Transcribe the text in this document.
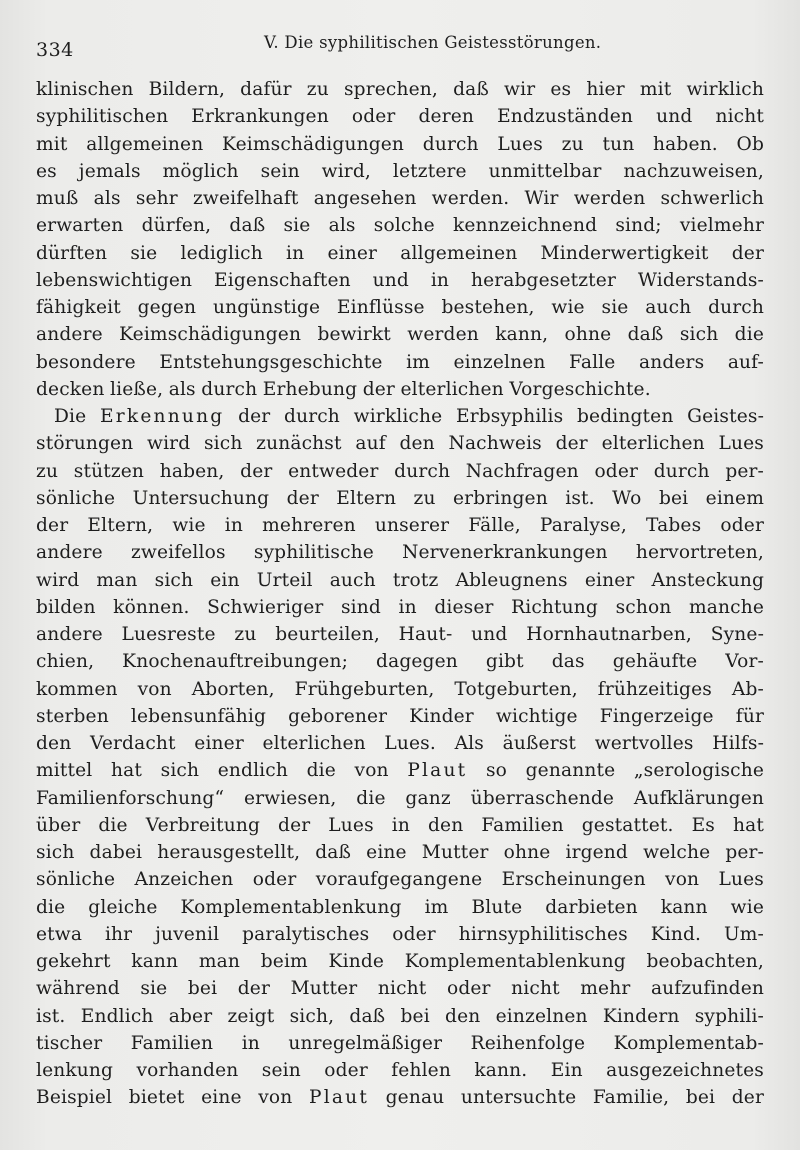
334	V. Die syphilitischen Geistesstörungen.
klinischen Bildern, dafür zu sprechen, daß wir es hier mit wirklich
syphilitischen Erkrankungen oder deren Endzuständen und nicht
mit allgemeinen Keimschädigungen durch Lues zu tun haben. Ob
es jemals möglich sein wird, letztere unmittelbar nachzuweisen,
muß als sehr zweifelhaft angesehen werden. Wir werden schwerlich
erwarten dürfen, daß sie als solche kennzeichnend sind; vielmehr
dürften sie lediglich in einer allgemeinen Minderwertigkeit der
lebenswichtigen Eigenschaften und in herabgesetzter Widerstands-
fähigkeit gegen ungünstige Einflüsse bestehen, wie sie auch durch
andere Keimschädigungen bewirkt werden kann, ohne daß sich die
besondere Entstehungsgeschichte im einzelnen Falle anders auf-
decken ließe, als durch Erhebung der elterlichen Vorgeschichte.
Die Erkennung der durch wirkliche Erbsyphilis bedingten Geistes-
störungen wird sich zunächst auf den Nachweis der elterlichen Lues
zu stützen haben, der entweder durch Nachfragen oder durch per-
sönliche Untersuchung der Eltern zu erbringen ist. Wo bei einem
der Eltern, wie in mehreren unserer Fälle, Paralyse, Tabes oder
andere zweifellos syphilitische Nervenerkrankungen hervortreten,
wird man sich ein Urteil auch trotz Ableugnens einer Ansteckung
bilden können. Schwieriger sind in dieser Richtung schon manche
andere Luesreste zu beurteilen, Haut- und Hornhautnarben, Syne-
chien, Knochenauftreibungen; dagegen gibt das gehäufte Vor-
kommen von Aborten, Frühgeburten, Totgeburten, frühzeitiges Ab-
sterben lebensunfähig geborener Kinder wichtige Fingerzeige für
den Verdacht einer elterlichen Lues. Als äußerst wertvolles Hilfs-
mittel hat sich endlich die von Plaut so genannte „serologische
Familienforschung“ erwiesen, die ganz überraschende Aufklärungen
über die Verbreitung der Lues in den Familien gestattet. Es hat
sich dabei herausgestellt, daß eine Mutter ohne irgend welche per-
sönliche Anzeichen oder voraufgegangene Erscheinungen von Lues
die gleiche Komplementablenkung im Blute darbieten kann wie
etwa ihr juvenil paralytisches oder hirnsyphilitisches Kind. Um-
gekehrt kann man beim Kinde Komplementablenkung beobachten,
während sie bei der Mutter nicht oder nicht mehr aufzufinden
ist. Endlich aber zeigt sich, daß bei den einzelnen Kindern syphili-
tischer Familien in unregelmäßiger Reihenfolge Komplementab-
lenkung vorhanden sein oder fehlen kann. Ein ausgezeichnetes
Beispiel bietet eine von Plaut genau untersuchte Familie, bei der
